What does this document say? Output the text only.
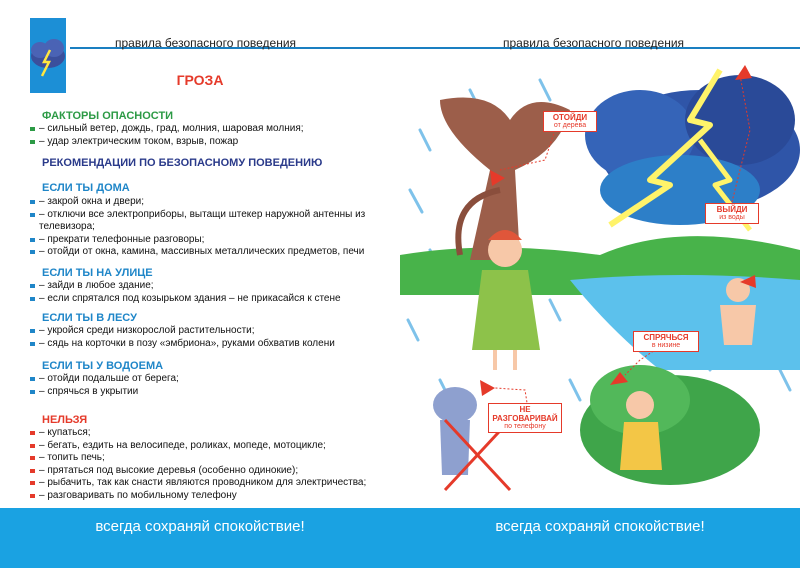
правила безопасного поведения
ГРОЗА
ФАКТОРЫ ОПАСНОСТИ
– сильный ветер, дождь, град, молния, шаровая молния;
– удар электрическим током, взрыв, пожар
РЕКОМЕНДАЦИИ ПО БЕЗОПАСНОМУ ПОВЕДЕНИЮ
ЕСЛИ ТЫ ДОМА
– закрой окна и двери;
– отключи все электроприборы, вытащи штекер наружной антенны из
телевизора;
– прекрати телефонные разговоры;
– отойди от окна, камина, массивных металлических предметов, печи
ЕСЛИ ТЫ НА УЛИЦЕ
– зайди в любое здание;
– если спрятался под козырьком здания – не прикасайся к стене
ЕСЛИ ТЫ В ЛЕСУ
– укройся среди низкорослой растительности;
– сядь на корточки в позу «эмбриона», руками обхватив колени
ЕСЛИ ТЫ У ВОДОЕМА
– отойди подальше от берега;
– спрячься в укрытии
НЕЛЬЗЯ
– купаться;
– бегать, ездить на велосипеде, роликах, мопеде, мотоцикле;
– топить печь;
– прятаться под высокие деревья (особенно одинокие);
– рыбачить, так как снасти являются проводником для электричества;
– разговаривать по мобильному телефону
всегда сохраняй спокойствие!
правила безопасного поведения
ОТОЙДИ
от дерева
ВЫЙДИ
из воды
СПРЯЧЬСЯ
в низине
НЕ РАЗГОВАРИВАЙ
по телефону
всегда сохраняй спокойствие!
